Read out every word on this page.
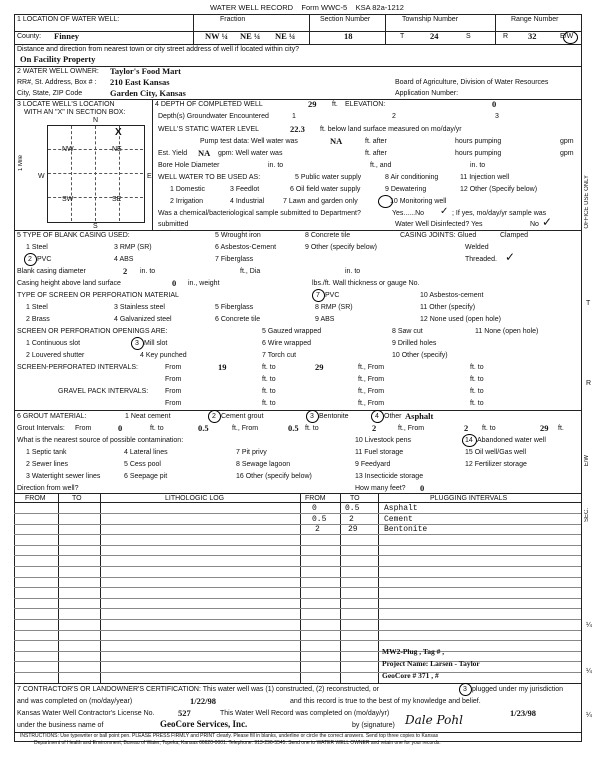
WATER WELL RECORD Form WWC-5 KSA 82a-1212
1 LOCATION OF WATER WELL:
County: Finney
Fraction
NW ¼ NE ¼ NE ¼
Section Number
18
Township Number
T	24	S
Range Number
R 32	E/W
Distance and direction from nearest town or city street address of well if located within city?
On Facility Property
2 WATER WELL OWNER: Taylor's Food Mart
RR#, St. Address, Box # : 210 East Kansas
City, State, ZIP Code	Garden City, Kansas
Board of Agriculture, Division of Water Resources
Application Number:
3 LOCATE WELL'S LOCATION
WITH AN "X" IN SECTION BOX:
N
S
W	E
NW	NE
SW	SE
X
1 Mile
4 DEPTH OF COMPLETED WELL	29 ft. ELEVATION:	0
Depth(s) Groundwater Encountered	1	2	3
WELL'S STATIC WATER LEVEL	22.3 ft. below land surface measured on mo/day/yr
Pump test data: Well water was	NA	ft. after	hours pumping	gpm
Est. Yield NA gpm: Well water was	ft. after	hours pumping	gpm
Bore Hole Diameter	in. to	ft., and	in. to
WELL WATER TO BE USED AS:	5 Public water supply	8 Air conditioning	11 Injection well
1 Domestic	3 Feedlot	6 Oil field water supply	9 Dewatering	12 Other (Specify below)
2 Irrigation	4 Industrial	7 Lawn and garden only	10 Monitoring well
Was a chemical/bacteriological sample submitted to Department?	Yes......No ✓ ; If yes, mo/day/yr sample was
submitted	Water Well Disinfected? Yes	No ✓
5 TYPE OF BLANK CASING USED:	5 Wrought iron	8 Concrete tile	CASING JOINTS: Glued	Clamped
1 Steel	3 RMP (SR)	6 Asbestos-Cement	9 Other (specify below)	Welded
2 PVC	4 ABS	7 Fiberglass	Threaded. ✓
Blank casing diameter	2 in. to	ft., Dia	in. to
Casing height above land surface	0 in., weight	lbs./ft. Wall thickness or gauge No.
TYPE OF SCREEN OR PERFORATION MATERIAL	7 PVC	10 Asbestos-cement
1 Steel	3 Stainless steel	5 Fiberglass	8 RMP (SR)	11 Other (specify)
2 Brass	4 Galvanized steel	6 Concrete tile	9 ABS	12 None used (open hole)
SCREEN OR PERFORATION OPENINGS ARE:	5 Gauzed wrapped	8 Saw cut	11 None (open hole)
1 Continuous slot	3 Mill slot	6 Wire wrapped	9 Drilled holes
2 Louvered shutter	4 Key punched	7 Torch cut	10 Other (specify)
SCREEN-PERFORATED INTERVALS:	From	19	ft. to	29	ft., From	ft. to
From	ft. to	ft., From	ft. to
GRAVEL PACK INTERVALS: From	ft. to	ft., From	ft. to
From	ft. to	ft., From	ft. to
6 GROUT MATERIAL:	1 Neat cement	2 Cement grout	3 Bentonite	4 Other Asphalt
Grout Intervals: From	0	ft. to	0.5	ft., From	0.5 ft. to	2	ft., From	2 ft. to	29 ft.
What is the nearest source of possible contamination:	10 Livestock pens	14 Abandoned water well
1 Septic tank	4 Lateral lines	7 Pit privy	11 Fuel storage	15 Oil well/Gas well
2 Sewer lines	5 Cess pool	8 Sewage lagoon	9 Feedyard	12 Fertilizer storage
3 Watertight sewer lines	6 Seepage pit	16 Other (specify below)	13 Insecticide storage
Direction from well?	How many feet? 0
FROM	TO	LITHOLOGIC LOG	FROM	TO	PLUGGING INTERVALS
0	0.5	Asphalt
0.5	2	Cement
2	29	Bentonite
MW2-Plug , Tag # ,
Project Name: Larsen - Taylor
GeoCore # 371 , #
7 CONTRACTOR'S OR LANDOWNER'S CERTIFICATION: This water well was (1) constructed, (2) reconstructed, or	3 plugged under my jurisdiction
and was completed on (mo/day/year)	1/22/98	and this record is true to the best of my knowledge and belief.
Kansas Water Well Contractor's License No.	527	This Water Well Record was completed on (mo/day/yr)	1/23/98
under the business name of	GeoCore Services, Inc.	by (signature) Dale Pohl
INSTRUCTIONS: Use typewriter or ball point pen. PLEASE PRESS FIRMLY and PRINT clearly. Please fill in blanks, underline or circle the correct answers. Send top three copies to Kansas
Department of Health and Environment, Bureau of Water, Topeka, Kansas 66620-0001. Telephone: 913-296-5545. Send one to WATER WELL OWNER and retain one for your records.
OFFICE USE ONLY
T
R
E/W
SEC.
¼
¼
¼
